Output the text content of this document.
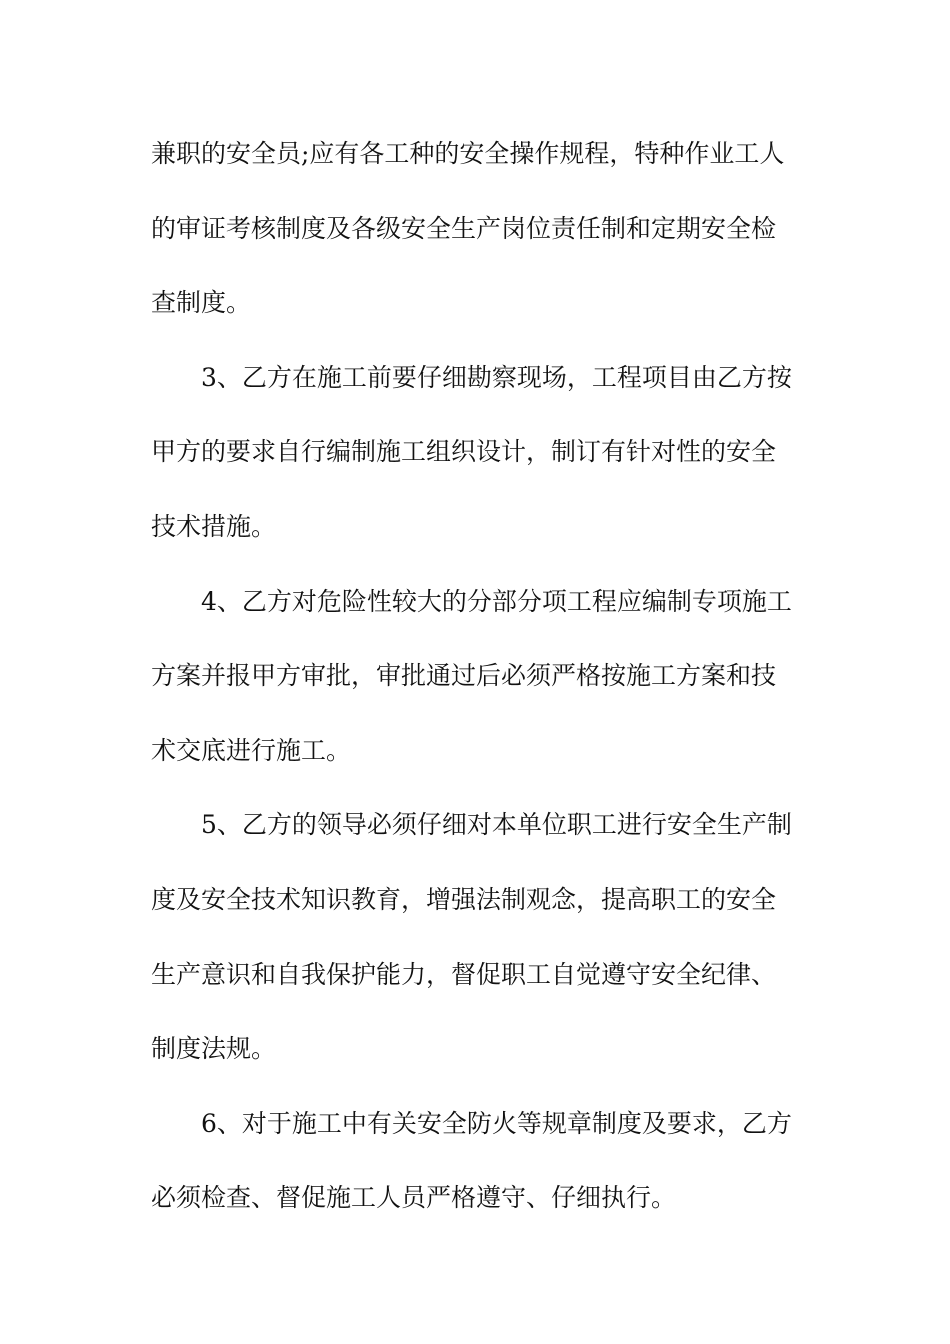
兼职的安全员;应有各工种的安全操作规程，特种作业工人
的审证考核制度及各级安全生产岗位责任制和定期安全检
查制度。
3、乙方在施工前要仔细勘察现场，工程项目由乙方按
甲方的要求自行编制施工组织设计，制订有针对性的安全
技术措施。
4、乙方对危险性较大的分部分项工程应编制专项施工
方案并报甲方审批，审批通过后必须严格按施工方案和技
术交底进行施工。
5、乙方的领导必须仔细对本单位职工进行安全生产制
度及安全技术知识教育，增强法制观念，提高职工的安全
生产意识和自我保护能力，督促职工自觉遵守安全纪律、
制度法规。
6、对于施工中有关安全防火等规章制度及要求，乙方
必须检查、督促施工人员严格遵守、仔细执行。
